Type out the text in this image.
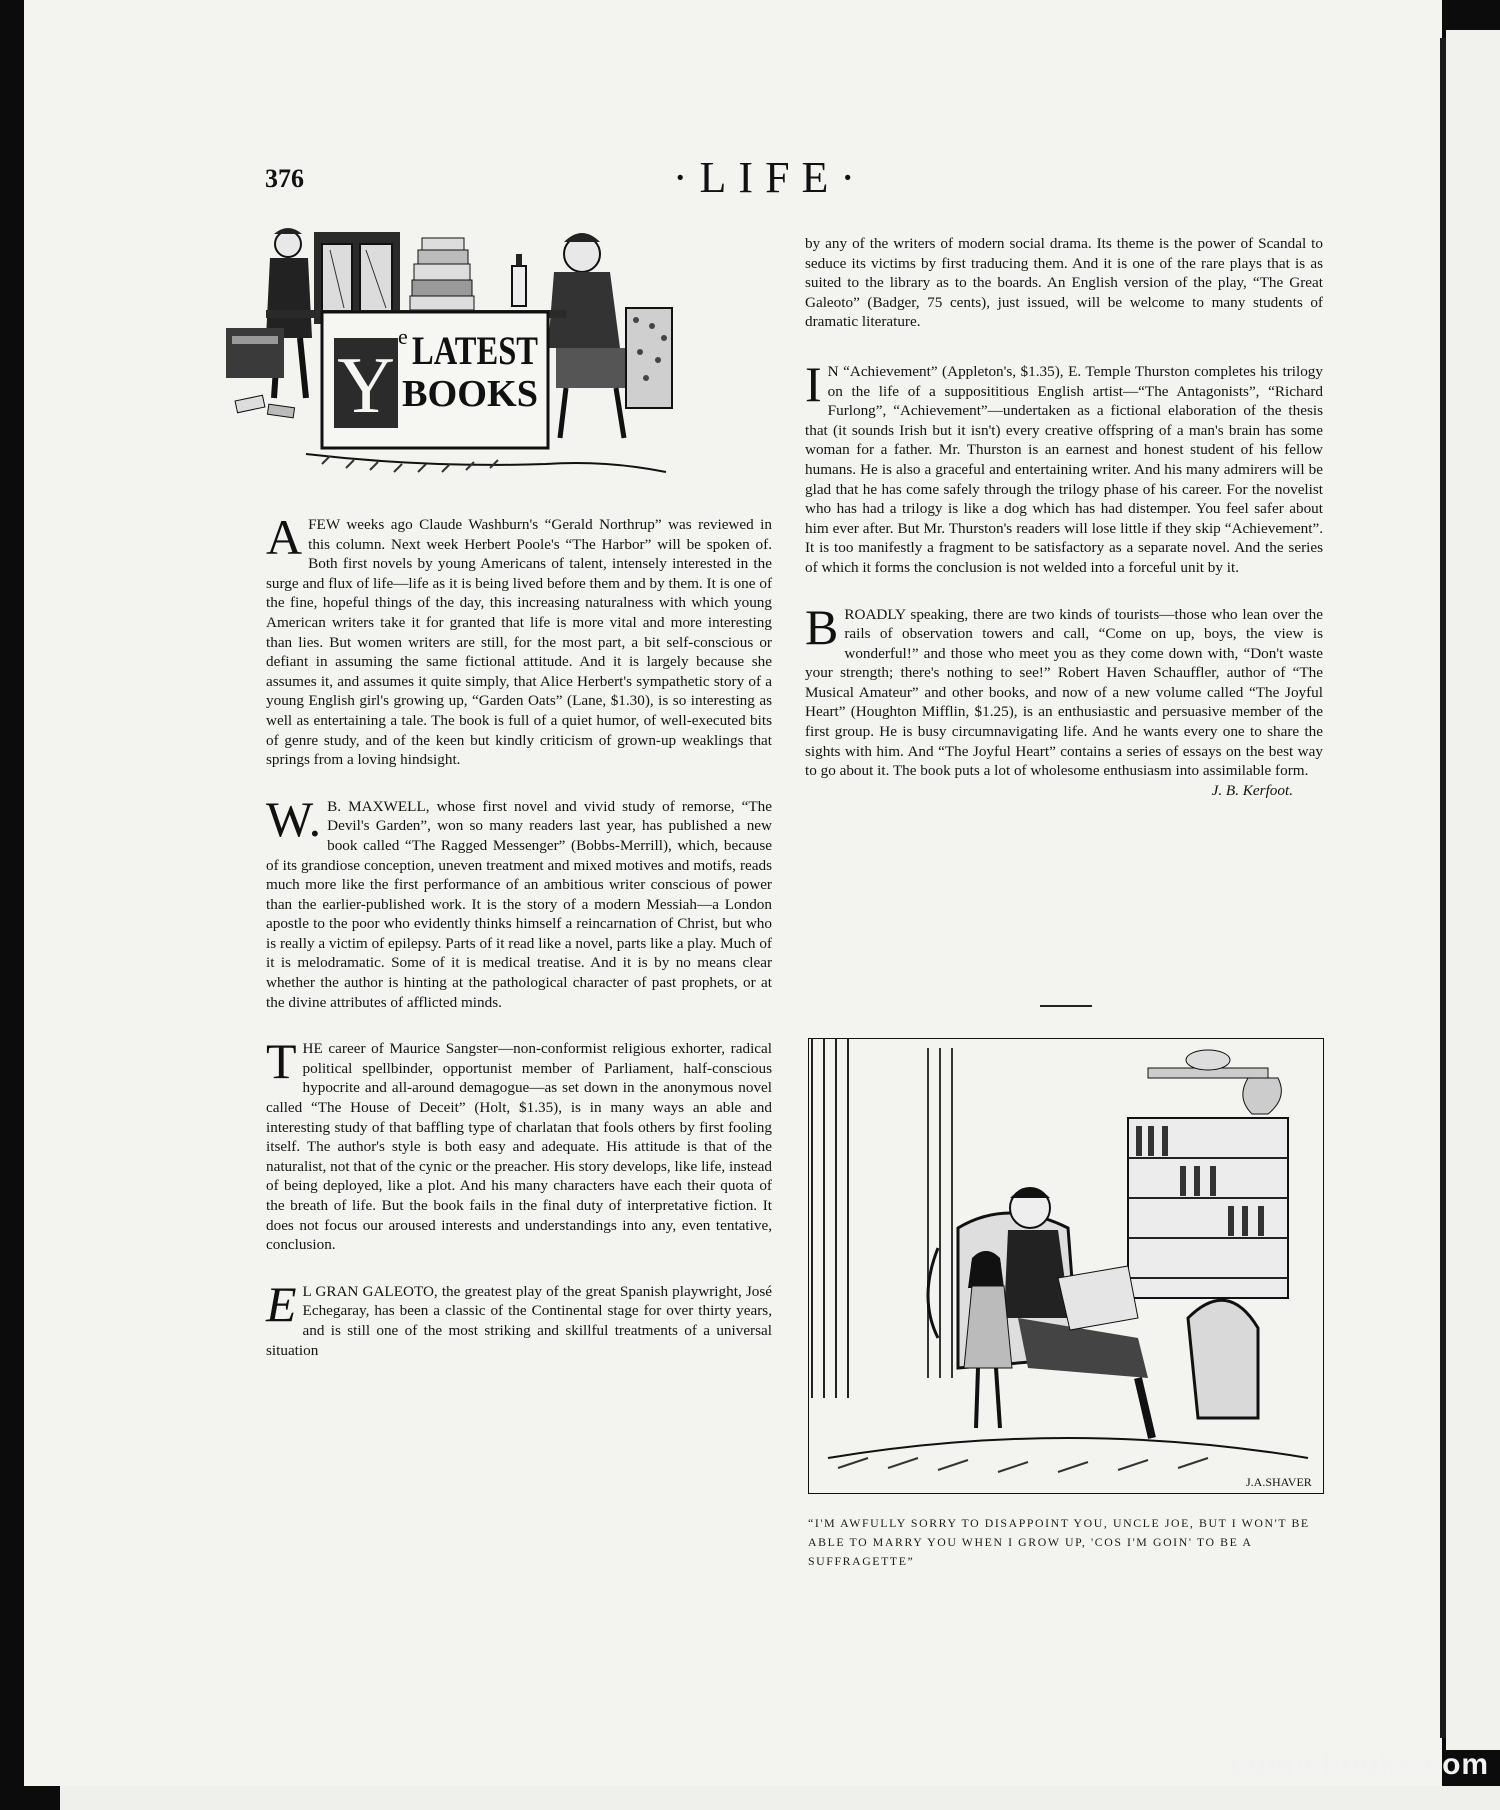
376	·LIFE·
Y LATEST
BOOKS
e

A FEW weeks ago Claude Washburn's “Gerald Northrup” was reviewed in this column. Next week Herbert Poole's “The Harbor” will be spoken of. Both first novels by young Americans of talent, intensely interested in the surge and flux of life—life as it is being lived before them and by them. It is one of the fine, hopeful things of the day, this increasing naturalness with which young American writers take it for granted that life is more vital and more interesting than lies. But women writers are still, for the most part, a bit self-conscious or defiant in assuming the same fictional attitude. And it is largely because she assumes it, and assumes it quite simply, that Alice Herbert's sympathetic story of a young English girl's growing up, “Garden Oats” (Lane, $1.30), is so interesting as well as entertaining a tale. The book is full of a quiet humor, of well-executed bits of genre study, and of the keen but kindly criticism of grown-up weaklings that springs from a loving hindsight.

W. B. MAXWELL, whose first novel and vivid study of remorse, “The Devil's Garden”, won so many readers last year, has published a new book called “The Ragged Messenger” (Bobbs-Merrill), which, because of its grandiose conception, uneven treatment and mixed motives and motifs, reads much more like the first performance of an ambitious writer conscious of power than the earlier-published work. It is the story of a modern Messiah—a London apostle to the poor who evidently thinks himself a reincarnation of Christ, but who is really a victim of epilepsy. Parts of it read like a novel, parts like a play. Much of it is melodramatic. Some of it is medical treatise. And it is by no means clear whether the author is hinting at the pathological character of past prophets, or at the divine attributes of afflicted minds.

T HE career of Maurice Sangster—non-conformist religious exhorter, radical political spellbinder, opportunist member of Parliament, half-conscious hypocrite and all-around demagogue—as set down in the anonymous novel called “The House of Deceit” (Holt, $1.35), is in many ways an able and interesting study of that baffling type of charlatan that fools others by first fooling itself. The author's style is both easy and adequate. His attitude is that of the naturalist, not that of the cynic or the preacher. His story develops, like life, instead of being deployed, like a plot. And his many characters have each their quota of the breath of life. But the book fails in the final duty of interpretative fiction. It does not focus our aroused interests and understandings into any, even tentative, conclusion.

E L GRAN GALEOTO, the greatest play of the great Spanish playwright, José Echegaray, has been a classic of the Continental stage for over thirty years, and is still one of the most striking and skillful treatments of a universal situation

by any of the writers of modern social drama. Its theme is the power of Scandal to seduce its victims by first traducing them. And it is one of the rare plays that is as suited to the library as to the boards. An English version of the play, “The Great Galeoto” (Badger, 75 cents), just issued, will be welcome to many students of dramatic literature.

I N “Achievement” (Appleton's, $1.35), E. Temple Thurston completes his trilogy on the life of a supposititious English artist—“The Antagonists”, “Richard Furlong”, “Achievement”—undertaken as a fictional elaboration of the thesis that (it sounds Irish but it isn't) every creative offspring of a man's brain has some woman for a father. Mr. Thurston is an earnest and honest student of his fellow humans. He is also a graceful and entertaining writer. And his many admirers will be glad that he has come safely through the trilogy phase of his career. For the novelist who has had a trilogy is like a dog which has had distemper. You feel safer about him ever after. But Mr. Thurston's readers will lose little if they skip “Achievement”. It is too manifestly a fragment to be satisfactory as a separate novel. And the series of which it forms the conclusion is not welded into a forceful unit by it.

B ROADLY speaking, there are two kinds of tourists—those who lean over the rails of observation towers and call, “Come on up, boys, the view is wonderful!” and those who meet you as they come down with, “Don't waste your strength; there's nothing to see!” Robert Haven Schauffler, author of “The Musical Amateur” and other books, and now of a new volume called “The Joyful Heart” (Houghton Mifflin, $1.25), is an enthusiastic and persuasive member of the first group. He is busy circumnavigating life. And he wants every one to share the sights with him. And “The Joyful Heart” contains a series of essays on the best way to go about it. The book puts a lot of wholesome enthusiasm into assimilable form.
J. B. Kerfoot.

J.A.SHAVER
“I'M AWFULLY SORRY TO DISAPPOINT YOU, UNCLE JOE, BUT I WON'T BE ABLE TO MARRY YOU WHEN I GROW UP, 'COS I'M GOIN' TO BE A SUFFRAGETTE”
comicbooks.com
